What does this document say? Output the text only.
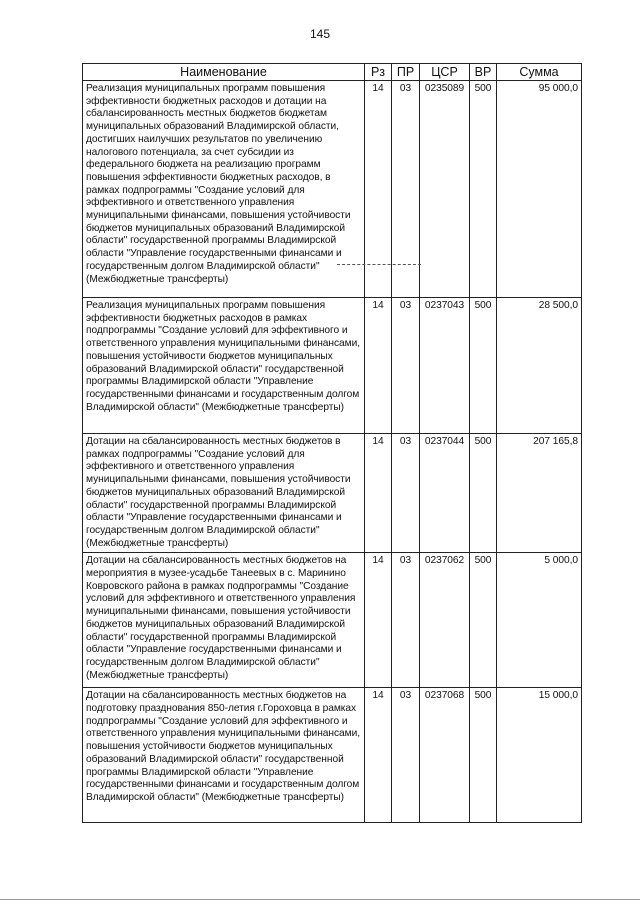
145
Наименование	Рз	ПР	ЦСР	ВР	Сумма
Реализация муниципальных программ повышения эффективности бюджетных расходов и дотации на сбалансированность местных бюджетов бюджетам муниципальных образований Владимирской области, достигших наилучших результатов по увеличению налогового потенциала, за счет субсидии из федерального бюджета на реализацию программ повышения эффективности бюджетных расходов, в рамках подпрограммы "Создание условий для эффективного и ответственного управления муниципальными финансами, повышения устойчивости бюджетов муниципальных образований Владимирской области" государственной программы Владимирской области "Управление государственными финансами и государственным долгом Владимирской области" (Межбюджетные трансферты)	14	03	0235089	500	95 000,0
Реализация муниципальных программ повышения эффективности бюджетных расходов в рамках подпрограммы "Создание условий для эффективного и ответственного управления муниципальными финансами, повышения устойчивости бюджетов муниципальных образований Владимирской области" государственной программы Владимирской области "Управление государственными финансами и государственным долгом Владимирской области" (Межбюджетные трансферты)	14	03	0237043	500	28 500,0
Дотации на сбалансированность местных бюджетов в рамках подпрограммы "Создание условий для эффективного и ответственного управления муниципальными финансами, повышения устойчивости бюджетов муниципальных образований Владимирской области" государственной программы Владимирской области "Управление государственными финансами и государственным долгом Владимирской области" (Межбюджетные трансферты)	14	03	0237044	500	207 165,8
Дотации на сбалансированность местных бюджетов на мероприятия в музее-усадьбе Танеевых в с. Маринино Ковровского района в рамках подпрограммы "Создание условий для эффективного и ответственного управления муниципальными финансами, повышения устойчивости бюджетов муниципальных образований Владимирской области" государственной программы Владимирской области "Управление государственными финансами и государственным долгом Владимирской области" (Межбюджетные трансферты)	14	03	0237062	500	5 000,0
Дотации на сбалансированность местных бюджетов на подготовку празднования 850-летия г.Гороховца в рамках подпрограммы "Создание условий для эффективного и ответственного управления муниципальными финансами, повышения устойчивости бюджетов муниципальных образований Владимирской области" государственной программы Владимирской области "Управление государственными финансами и государственным долгом Владимирской области" (Межбюджетные трансферты)	14	03	0237068	500	15 000,0
